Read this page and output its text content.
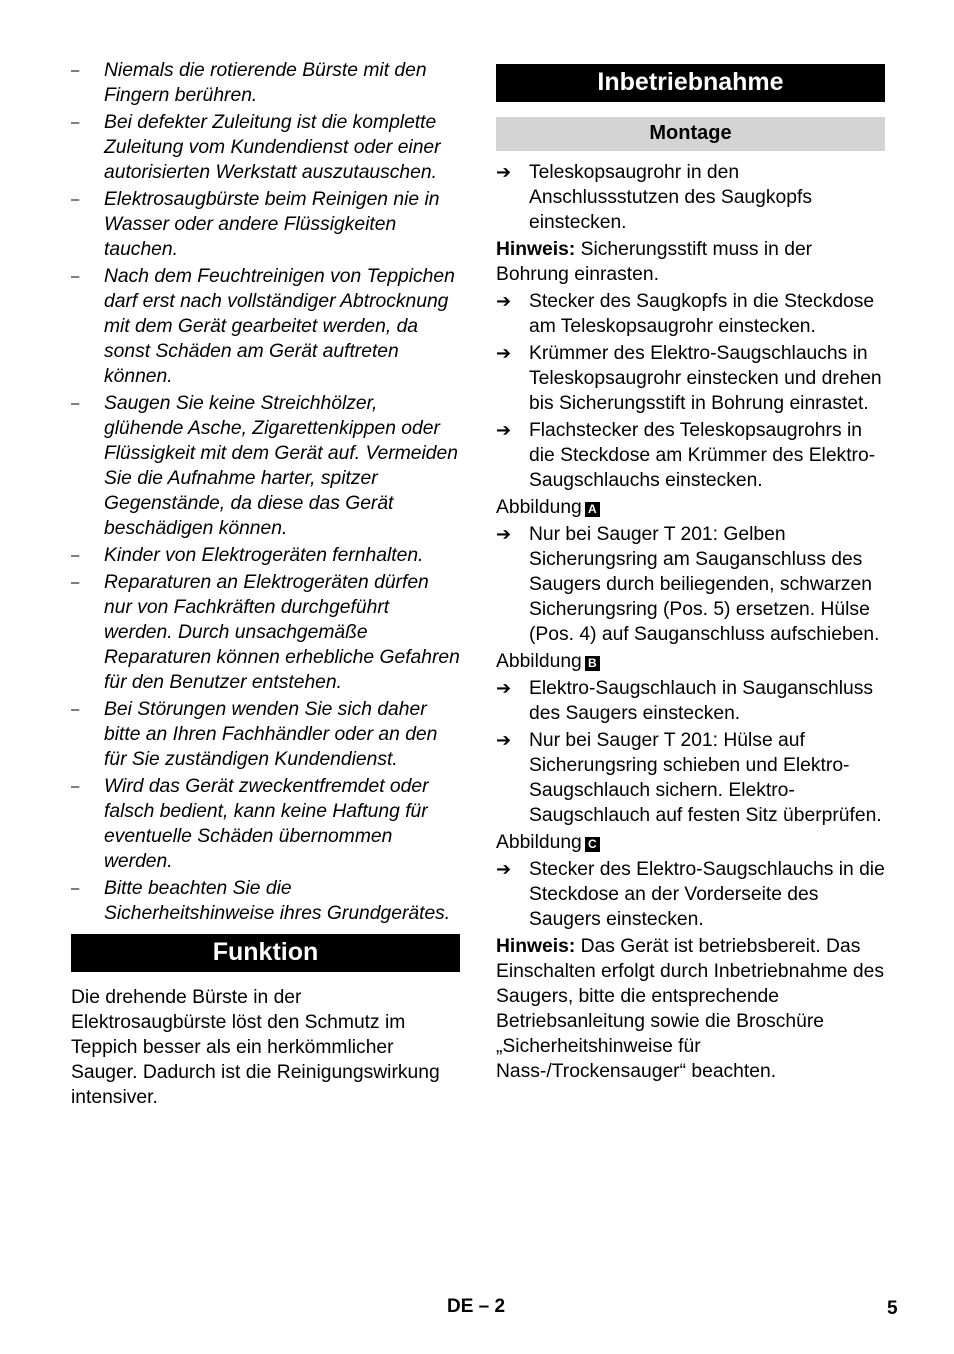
– Niemals die rotierende Bürste mit den Fingern berühren.
– Bei defekter Zuleitung ist die komplette Zuleitung vom Kundendienst oder einer autorisierten Werkstatt auszutauschen.
– Elektrosaugbürste beim Reinigen nie in Wasser oder andere Flüssigkeiten tauchen.
– Nach dem Feuchtreinigen von Teppichen darf erst nach vollständiger Abtrocknung mit dem Gerät gearbeitet werden, da sonst Schäden am Gerät auftreten können.
– Saugen Sie keine Streichhölzer, glühende Asche, Zigarettenkippen oder Flüssigkeit mit dem Gerät auf. Vermeiden Sie die Aufnahme harter, spitzer Gegenstände, da diese das Gerät beschädigen können.
– Kinder von Elektrogeräten fernhalten.
– Reparaturen an Elektrogeräten dürfen nur von Fachkräften durchgeführt werden. Durch unsachgemäße Reparaturen können erhebliche Gefahren für den Benutzer entstehen.
– Bei Störungen wenden Sie sich daher bitte an Ihren Fachhändler oder an den für Sie zuständigen Kundendienst.
– Wird das Gerät zweckentfremdet oder falsch bedient, kann keine Haftung für eventuelle Schäden übernommen werden.
– Bitte beachten Sie die Sicherheitshinweise ihres Grundgerätes.
Funktion
Die drehende Bürste in der Elektrosaugbürste löst den Schmutz im Teppich besser als ein herkömmlicher Sauger. Dadurch ist die Reinigungswirkung intensiver.
Inbetriebnahme
Montage
➔ Teleskopsaugrohr in den Anschlussstutzen des Saugkopfs einstecken.
Hinweis: Sicherungsstift muss in der Bohrung einrasten.
➔ Stecker des Saugkopfs in die Steckdose am Teleskopsaugrohr einstecken.
➔ Krümmer des Elektro-Saugschlauchs in Teleskopsaugrohr einstecken und drehen bis Sicherungsstift in Bohrung einrastet.
➔ Flachstecker des Teleskopsaugrohrs in die Steckdose am Krümmer des Elektro-Saugschlauchs einstecken.
Abbildung A
➔ Nur bei Sauger T 201: Gelben Sicherungsring am Sauganschluss des Saugers durch beiliegenden, schwarzen Sicherungsring (Pos. 5) ersetzen. Hülse (Pos. 4) auf Sauganschluss aufschieben.
Abbildung B
➔ Elektro-Saugschlauch in Sauganschluss des Saugers einstecken.
➔ Nur bei Sauger T 201: Hülse auf Sicherungsring schieben und Elektro-Saugschlauch sichern. Elektro-Saugschlauch auf festen Sitz überprüfen.
Abbildung C
➔ Stecker des Elektro-Saugschlauchs in die Steckdose an der Vorderseite des Saugers einstecken.
Hinweis: Das Gerät ist betriebsbereit. Das Einschalten erfolgt durch Inbetriebnahme des Saugers, bitte die entsprechende Betriebsanleitung sowie die Broschüre „Sicherheitshinweise für Nass-/Trockensauger“ beachten.
DE – 2	5
